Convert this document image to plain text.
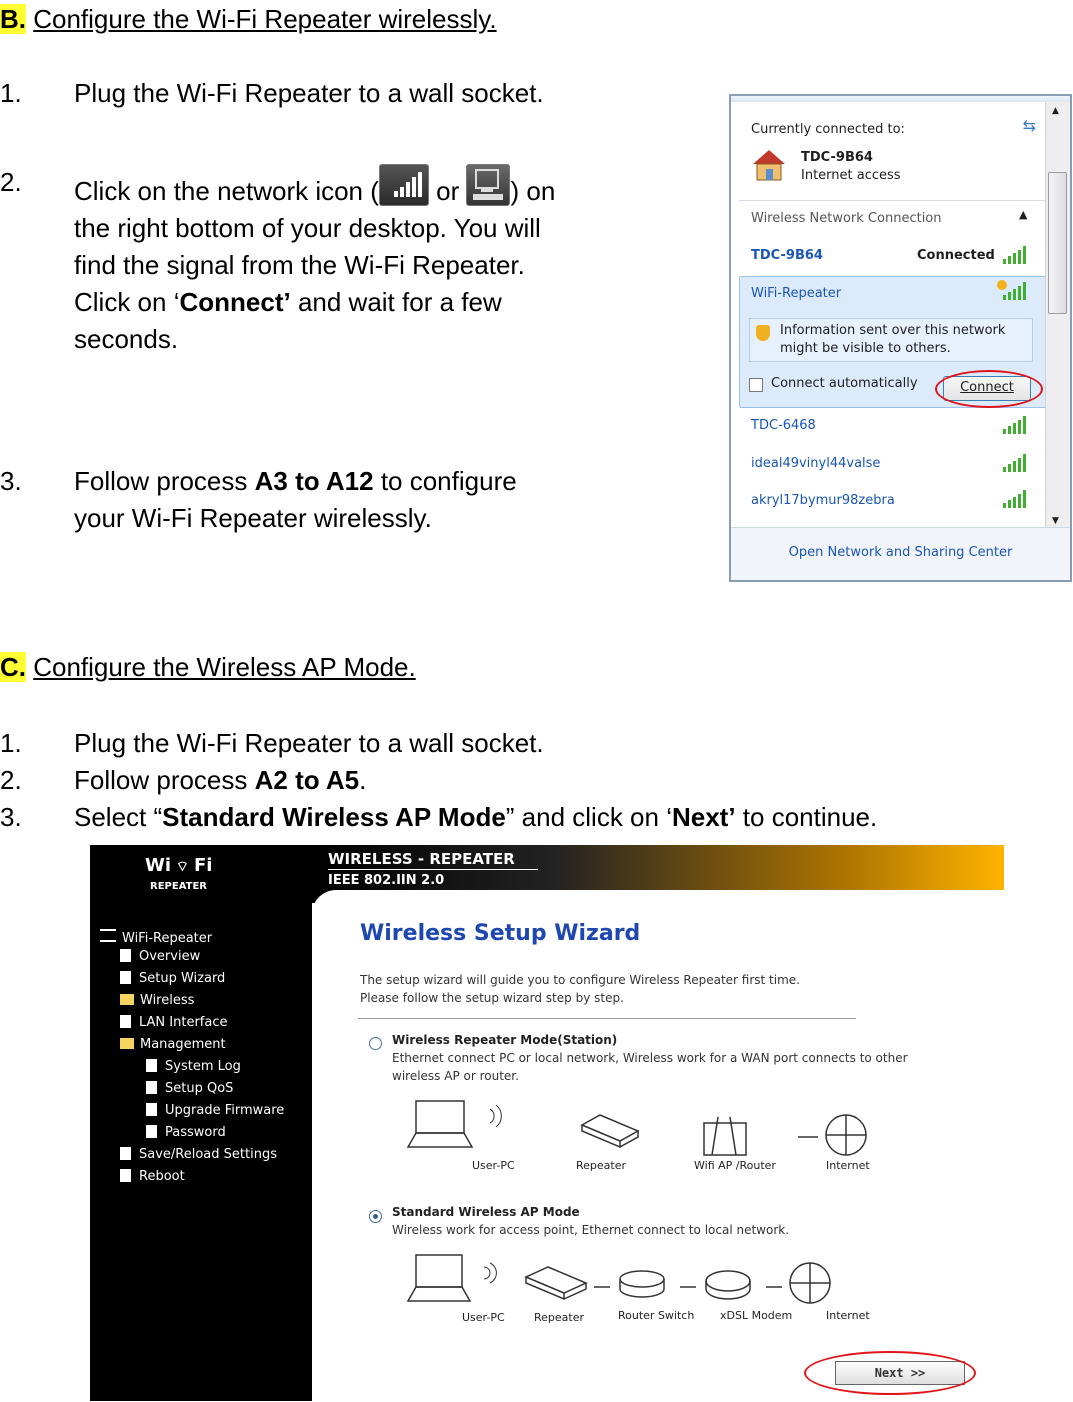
B. Configure the Wi-Fi Repeater wirelessly.
1.	Plug the Wi-Fi Repeater to a wall socket.
2.	Click on the network icon (
or
) on
the right bottom of your desktop. You will
find the signal from the Wi-Fi Repeater.
Click on ‘Connect’ and wait for a few
seconds.
3.	Follow process A3 to A12 to configure
your Wi-Fi Repeater wirelessly.
Currently connected to:	⇆
TDC-9B64
Internet access
Wireless Network Connection	▲
TDC-9B64	Connected
WiFi-Repeater
Information sent over this network
might be visible to others.
Connect automatically	Connect
TDC-6468
ideal49vinyl44valse
akryl17bymur98zebra
▲
▼
Open Network and Sharing Center
C. Configure the Wireless AP Mode.
1.	Plug the Wi-Fi Repeater to a wall socket.
2.	Follow process A2 to A5.
3.	Select “Standard Wireless AP Mode” and click on ‘Next’ to continue.
Wi ⌔ Fi
REPEATER
WiFi-Repeater
Overview
Setup Wizard
Wireless
LAN Interface
Management
System Log
Setup QoS
Upgrade Firmware
Password
Save/Reload Settings
Reboot
WIRELESS - REPEATER
IEEE 802.IIN 2.0
Wireless Setup Wizard
The setup wizard will guide you to configure Wireless Repeater first time.
Please follow the setup wizard step by step.
Wireless Repeater Mode(Station)
Ethernet connect PC or local network, Wireless work for a WAN port connects to other
wireless AP or router.
User-PC	Repeater	Wifi AP /Router	Internet
Standard Wireless AP Mode
Wireless work for access point, Ethernet connect to local network.
User-PC	Repeater	Router Switch xDSL Modem	Internet
Next >>
